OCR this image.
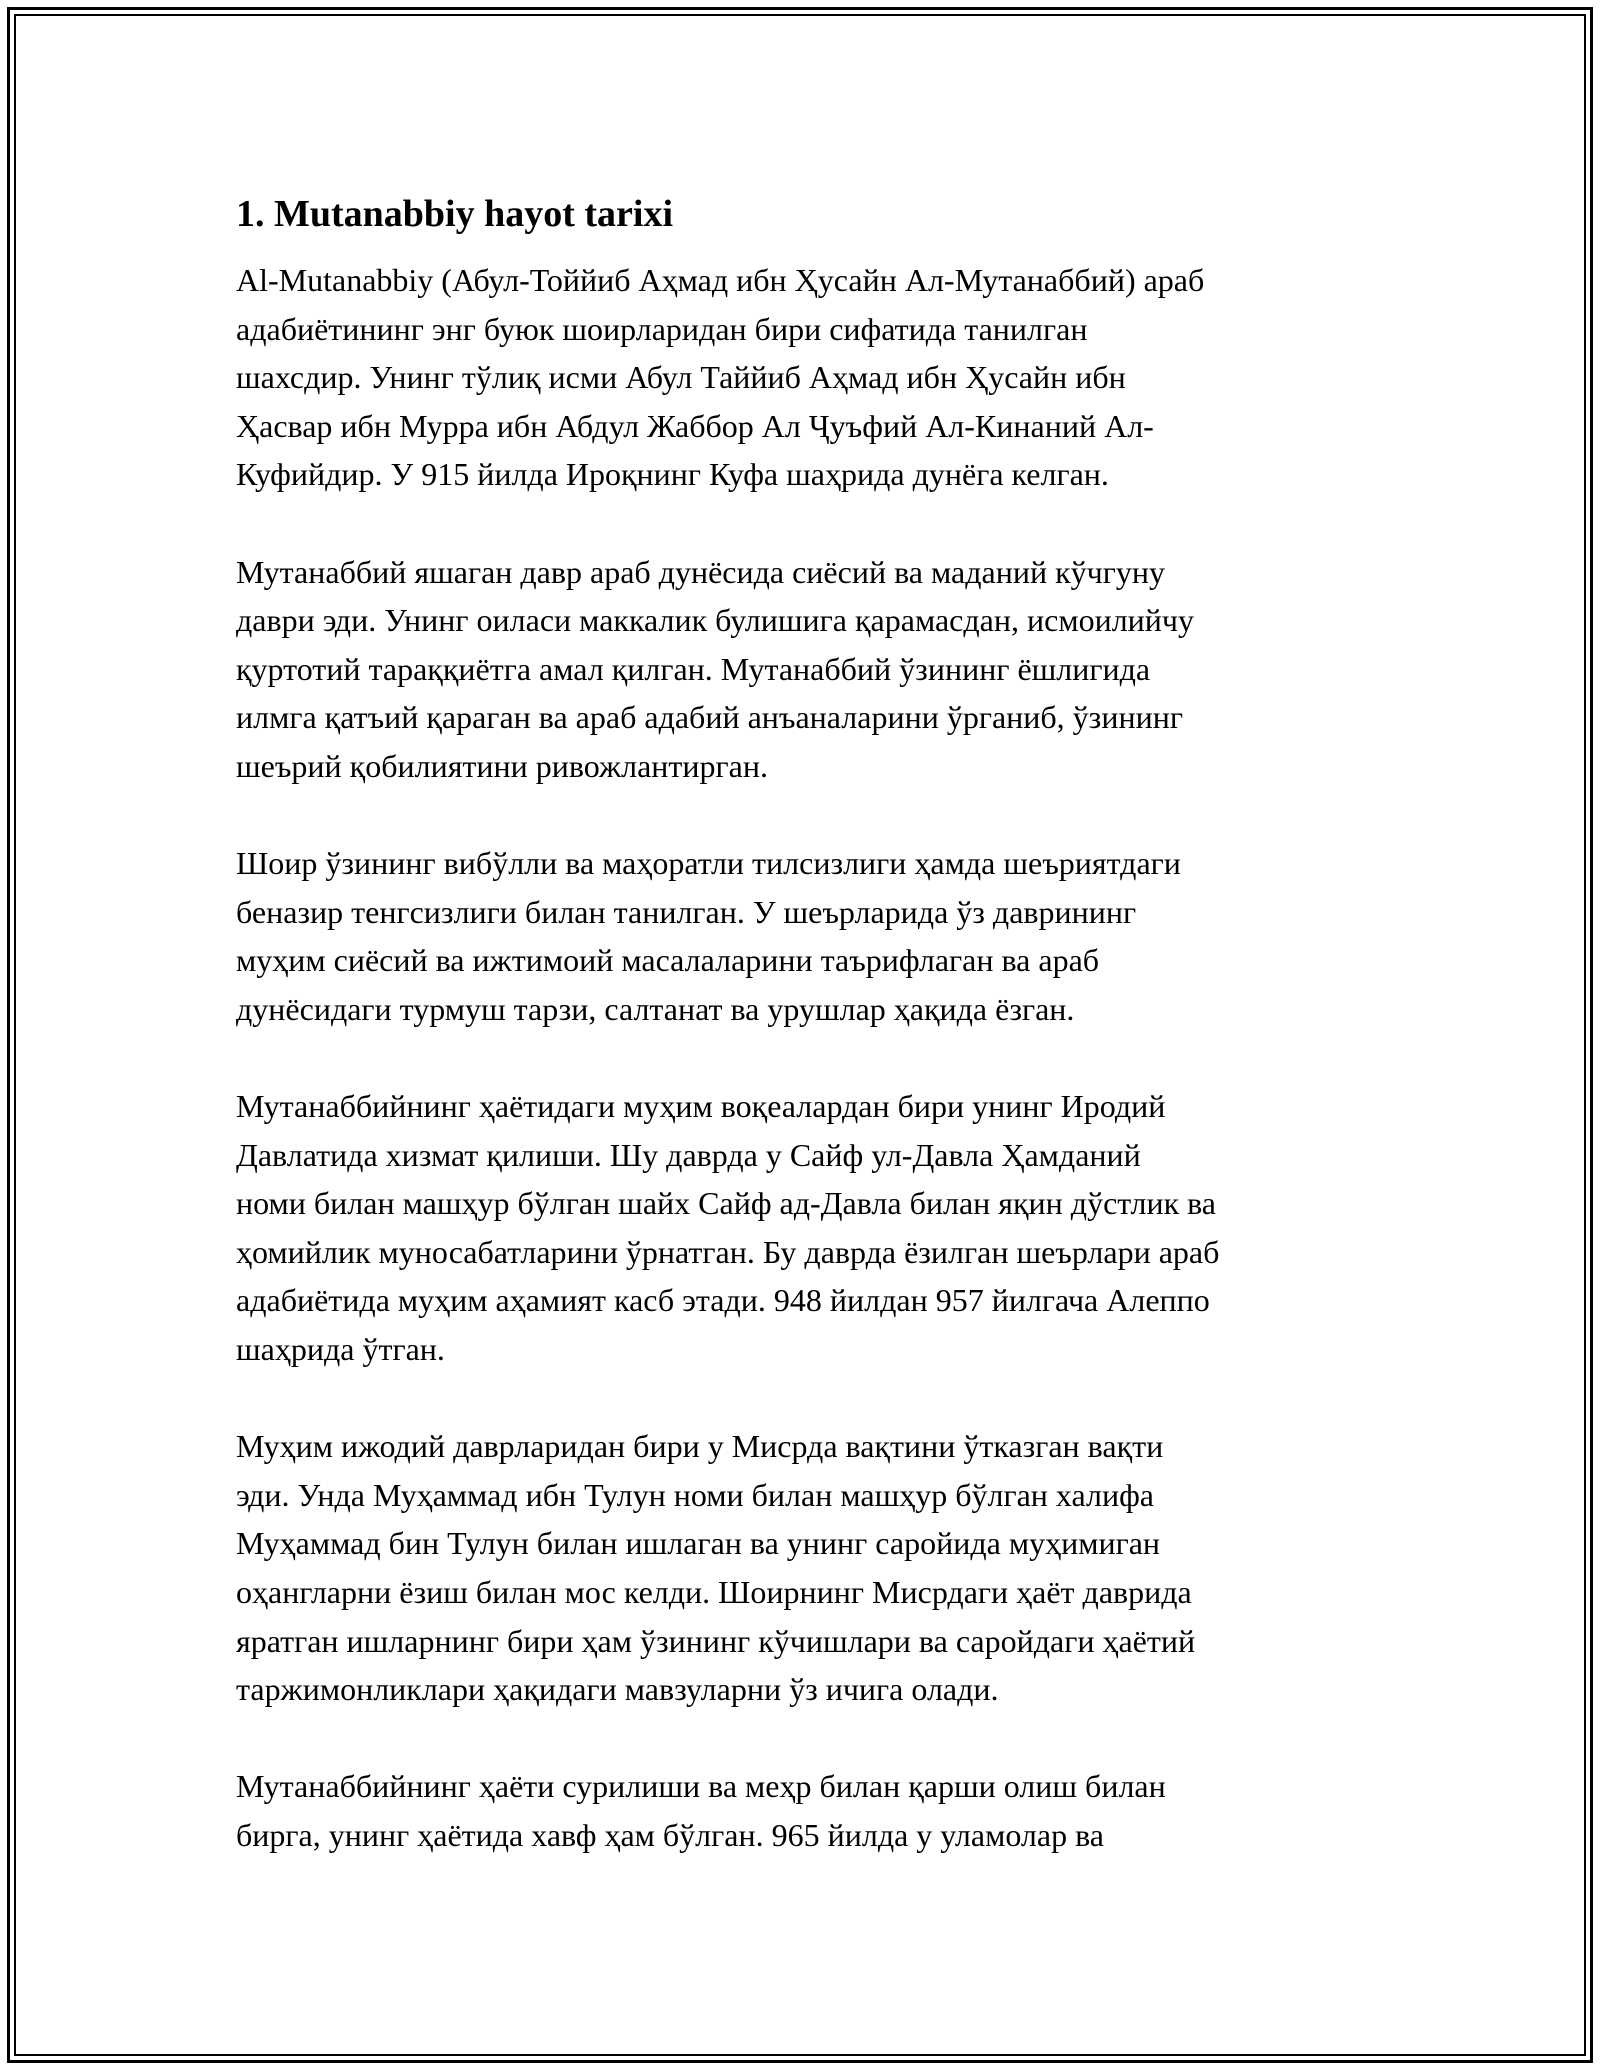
1. Mutanabbiy hayot tarixi

Al-Mutanabbiy (Абул-Тоййиб Аҳмад ибн Ҳусайн Ал-Мутанаббий) араб
адабиётининг энг буюк шоирларидан бири сифатида танилган
шахсдир. Унинг тўлиқ исми Абул Таййиб Аҳмад ибн Ҳусайн ибн
Ҳасвар ибн Мурра ибн Абдул Жаббор Ал Ҷуъфий Ал-Кинаний Ал-
Куфийдир. У 915 йилда Ироқнинг Куфа шаҳрида дунёга келган.

Мутанаббий яшаган давр араб дунёсида сиёсий ва маданий кўчгуну
даври эди. Унинг оиласи маккалик булишига қарамасдан, исмоилийчу
қуртотий тараққиётга амал қилган. Мутанаббий ўзининг ёшлигида
илмга қатъий қараган ва араб адабий анъаналарини ўрганиб, ўзининг
шеърий қобилиятини ривожлантирган.

Шоир ўзининг вибўлли ва маҳоратли тилсизлиги ҳамда шеъриятдаги
беназир тенгсизлиги билан танилган. У шеърларида ўз даврининг
муҳим сиёсий ва ижтимоий масалаларини таърифлаган ва араб
дунёсидаги турмуш тарзи, салтанат ва урушлар ҳақида ёзган.

Мутанаббийнинг ҳаётидаги муҳим воқеалардан бири унинг Иродий
Давлатида хизмат қилиши. Шу даврда у Сайф ул-Давла Ҳамданий
номи билан машҳур бўлган шайх Сайф ад-Давла билан яқин дўстлик ва
ҳомийлик муносабатларини ўрнатган. Бу даврда ёзилган шеърлари араб
адабиётида муҳим аҳамият касб этади. 948 йилдан 957 йилгача Алеппо
шаҳрида ўтган.

Муҳим ижодий даврларидан бири у Мисрда вақтини ўтказган вақти
эди. Унда Муҳаммад ибн Тулун номи билан машҳур бўлган халифа
Муҳаммад бин Тулун билан ишлаган ва унинг саройида муҳимиган
оҳангларни ёзиш билан мос келди. Шоирнинг Мисрдаги ҳаёт даврида
яратган ишларнинг бири ҳам ўзининг кўчишлари ва саройдаги ҳаётий
таржимонликлари ҳақидаги мавзуларни ўз ичига олади.

Мутанаббийнинг ҳаёти сурилиши ва меҳр билан қарши олиш билан
бирга, унинг ҳаётида хавф ҳам бўлган. 965 йилда у уламолар ва
